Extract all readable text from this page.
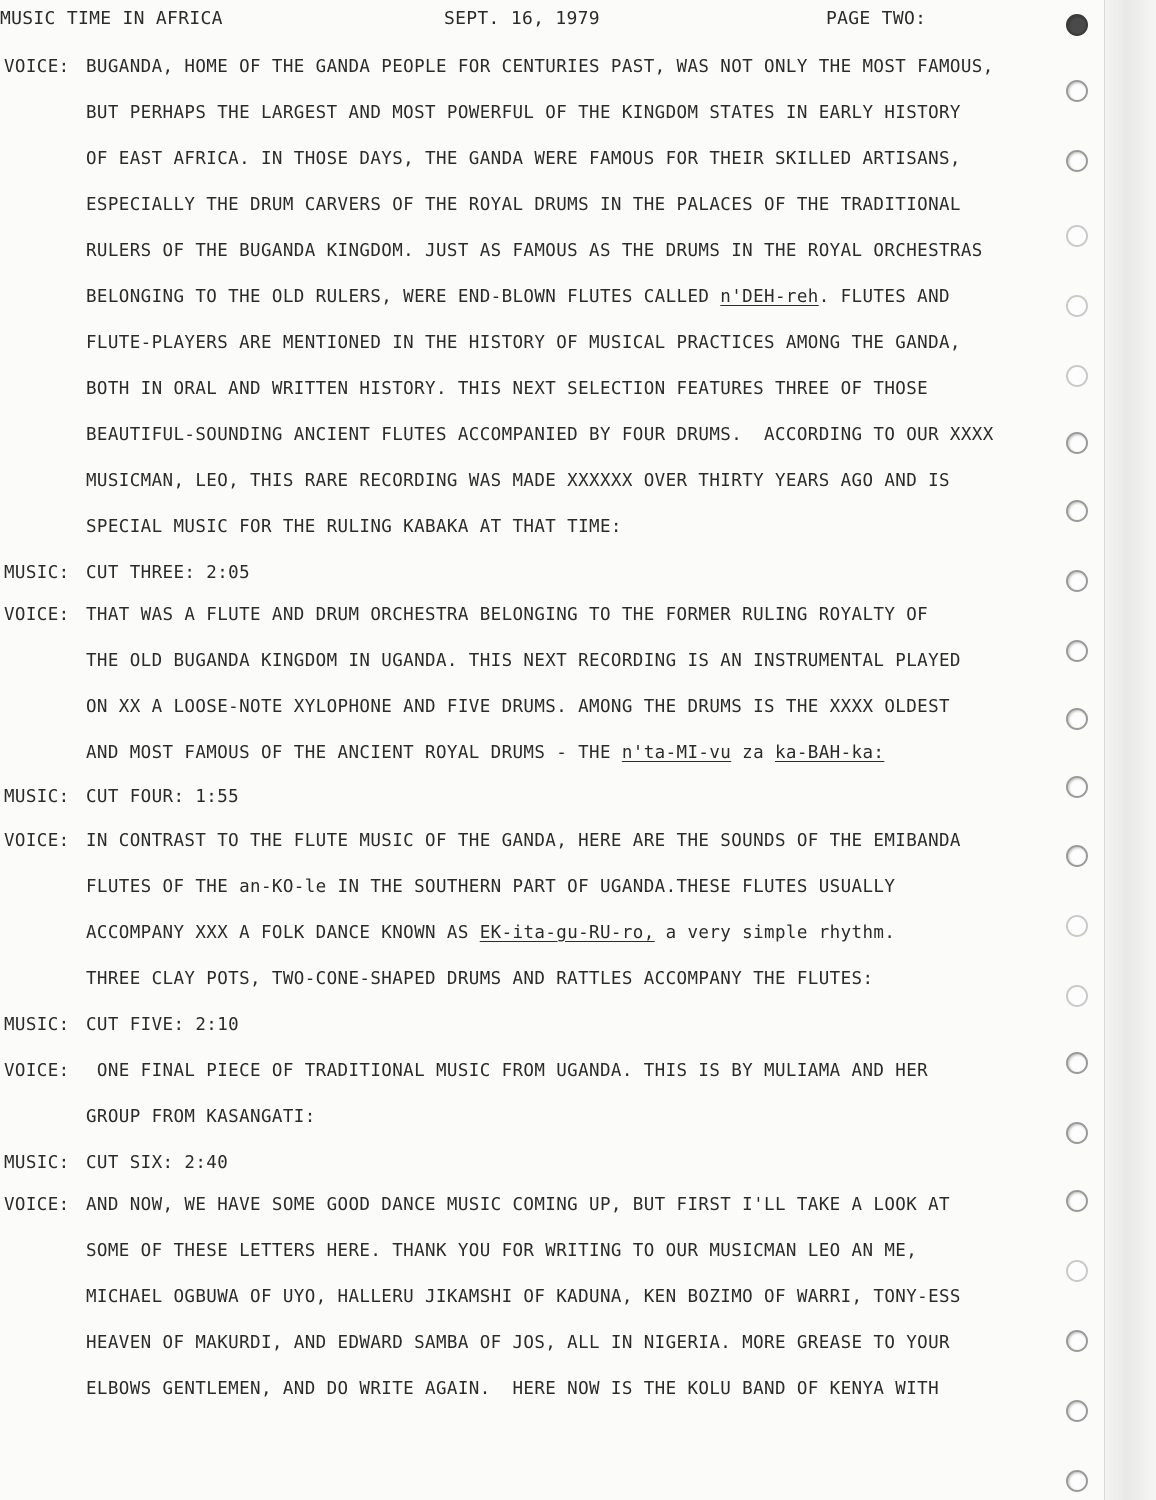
MUSIC TIME IN AFRICA	SEPT. 16, 1979	PAGE TWO:
VOICE: BUGANDA, HOME OF THE GANDA PEOPLE FOR CENTURIES PAST, WAS NOT ONLY THE MOST FAMOUS,
BUT PERHAPS THE LARGEST AND MOST POWERFUL OF THE KINGDOM STATES IN EARLY HISTORY
OF EAST AFRICA. IN THOSE DAYS, THE GANDA WERE FAMOUS FOR THEIR SKILLED ARTISANS,
ESPECIALLY THE DRUM CARVERS OF THE ROYAL DRUMS IN THE PALACES OF THE TRADITIONAL
RULERS OF THE BUGANDA KINGDOM. JUST AS FAMOUS AS THE DRUMS IN THE ROYAL ORCHESTRAS
BELONGING TO THE OLD RULERS, WERE END-BLOWN FLUTES CALLED n'DEH-reh. FLUTES AND
FLUTE-PLAYERS ARE MENTIONED IN THE HISTORY OF MUSICAL PRACTICES AMONG THE GANDA,
BOTH IN ORAL AND WRITTEN HISTORY. THIS NEXT SELECTION FEATURES THREE OF THOSE
BEAUTIFUL-SOUNDING ANCIENT FLUTES ACCOMPANIED BY FOUR DRUMS.  ACCORDING TO OUR XXXX
MUSICMAN, LEO, THIS RARE RECORDING WAS MADE XXXXXX OVER THIRTY YEARS AGO AND IS
SPECIAL MUSIC FOR THE RULING KABAKA AT THAT TIME:
MUSIC: CUT THREE: 2:05
VOICE: THAT WAS A FLUTE AND DRUM ORCHESTRA BELONGING TO THE FORMER RULING ROYALTY OF
THE OLD BUGANDA KINGDOM IN UGANDA. THIS NEXT RECORDING IS AN INSTRUMENTAL PLAYED
ON XX A LOOSE-NOTE XYLOPHONE AND FIVE DRUMS. AMONG THE DRUMS IS THE XXXX OLDEST
AND MOST FAMOUS OF THE ANCIENT ROYAL DRUMS - THE n'ta-MI-vu za ka-BAH-ka:
MUSIC: CUT FOUR: 1:55
VOICE: IN CONTRAST TO THE FLUTE MUSIC OF THE GANDA, HERE ARE THE SOUNDS OF THE EMIBANDA
FLUTES OF THE an-KO-le IN THE SOUTHERN PART OF UGANDA.THESE FLUTES USUALLY
ACCOMPANY XXX A FOLK DANCE KNOWN AS EK-ita-gu-RU-ro, a very simple rhythm.
THREE CLAY POTS, TWO-CONE-SHAPED DRUMS AND RATTLES ACCOMPANY THE FLUTES:
MUSIC: CUT FIVE: 2:10
VOICE: ONE FINAL PIECE OF TRADITIONAL MUSIC FROM UGANDA. THIS IS BY MULIAMA AND HER
GROUP FROM KASANGATI:
MUSIC: CUT SIX: 2:40
VOICE: AND NOW, WE HAVE SOME GOOD DANCE MUSIC COMING UP, BUT FIRST I'LL TAKE A LOOK AT
SOME OF THESE LETTERS HERE. THANK YOU FOR WRITING TO OUR MUSICMAN LEO AN ME,
MICHAEL OGBUWA OF UYO, HALLERU JIKAMSHI OF KADUNA, KEN BOZIMO OF WARRI, TONY-ESS
HEAVEN OF MAKURDI, AND EDWARD SAMBA OF JOS, ALL IN NIGERIA. MORE GREASE TO YOUR
ELBOWS GENTLEMEN, AND DO WRITE AGAIN.  HERE NOW IS THE KOLU BAND OF KENYA WITH
